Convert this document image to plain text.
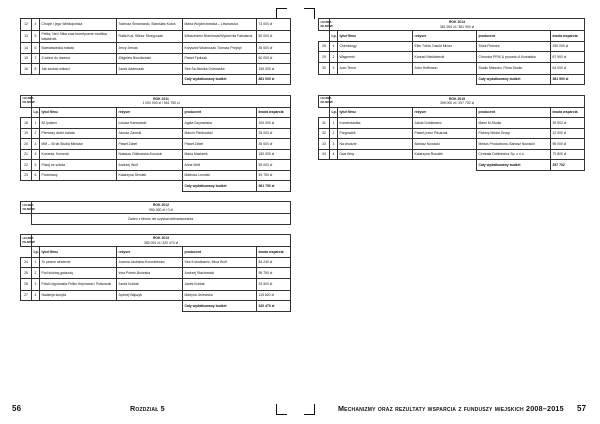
12	4	Chopin i jego Wielkopolska	Tadeusz Śmiarowski, Stanisław Kokot	Maria Wojciechowska – Litwinowicz	73 000 zł
13	5	Feliks, Net i Nika oraz teoretycznie możliwa katastrofa	Rafał Kuś, Wiktor Skrzypczak	Włodzimierz Niderhaus/Wytwórnia Fabularna	50 000 zł
14	6	Bolesławiecka miasta	Jerzy Jernas	Krzysztof Wodniczak, Tomasz Przybył	35 000 zł
15	7	Z dzieci do drzewa	Zbigniew Borcikowski	Paweł Fędrzak	60 000 zł
16	8	Jak szukać miłosci	Jacek Adamczak	Sea Sa Monika Ostrowska	150 000 zł
				Cały wydatkowany budżet	881 000 zł

LICZBA FILMÓW	ROK 2011
1 000 000 zł / 961 750 zł				

	Lp.	tytuł filmu	reżyser	producent	kwota wsparcia
18	1	52 tydzień	Łukasz Karwowski	Agata Szymańska	100 000 zł
19	2	Pierwszy dzień świata	Janusz Zaorski	Marcin Pieńkowski	25 000 zł
20	3	MM – 40 lat Studia Miniatur	Paweł Zabel	Paweł Zabel	35 000 zł
21	4	Komeda, Komeda	Natasza Ziółkowska-Kurczuk	Maria Maziarek	150 000 zł
22	5	Pokój ze szkoła	Andrzej Wolf	Anna Wolf	55 000 zł
23	6	Przemiany	Katarzyna Sendek	Mateusz Leońskí	49 750 zł
				Cały wydatkowany budżet	961 750 zł

LICZBA FILMÓW	ROK 2012
950 000 zł / 0 zł				

	Żaden z filmów nie uzyskał dofinansowania.				

LICZBA FILMÓW	ROK 2013
380 000 zł / 320 470 zł				

	Lp.	tytuł filmu	reżyser	producent	kwota wsparcia
24	1	To pewne wrażenie	Joanna Jasińska-Koronkiewicz	Sea 5 studioanio, Mina Wolf	84 240 zł
25	2	Pod siódmą gwiazdą	Irina Potrek-Browska	Andrzej Stachowski	95 750 zł
26	3	Polski dyplomata Feliks Hejnowski i Pułkownik	Jacek Kubiak	Jacek Kubiak	34 500 zł
27	4	Nadzieja służyła	Jędrzej Bajszyk	Martyna Jeżewska	115 620 zł
				Cały wydatkowany budżet	320 470 zł
LICZBA FILMÓW	ROK 2014
381 900 zł / 381 900 zł				

	Lp.	tytuł filmu	reżyser	producent	kwota wsparcia
28	1	Chemology	Elek Tóbla, Dawid Mrozo	Stunt Pictures	250 000 zł
29	2	Wagnerek	Konrad Niedźwiecki	Chronica PRIX & procedu A Kowalska	67 900 zł
30	3	Auto Terror	Artur Hoffmann	Studio Mieszko, Filma Studio	64 000 zł
				Cały wydatkowany budżet	381 900 zł

LICZBA FILMÓW	ROK 2015
395 000 zł / 297 702 zł				

	Lp.	tytuł filmu	reżyser	producent	kwota wsparcia
31	1	Komendantka	Jakub Dobkiewicz	Mami M-Studio	39 902 zł
32	2	Przypadek	Paweł przez Pikuszak	Fishery Media Group	22 000 zł
33	3	Na chodzie	Bartosz Nowacki	Medus Productions, Bartosz Nowacki	96 000 zł
34	4	Dwa filmy	Katarzyna Rosołek	Centrala Dobkiewicz Sp. z o.o.	79 800 zł
				Cały wydatkowany budżet	297 702
56	Rozdział 5	Mechanizmy oraz rezultaty wsparcia z funduszy miejskich 2008–2015 57
